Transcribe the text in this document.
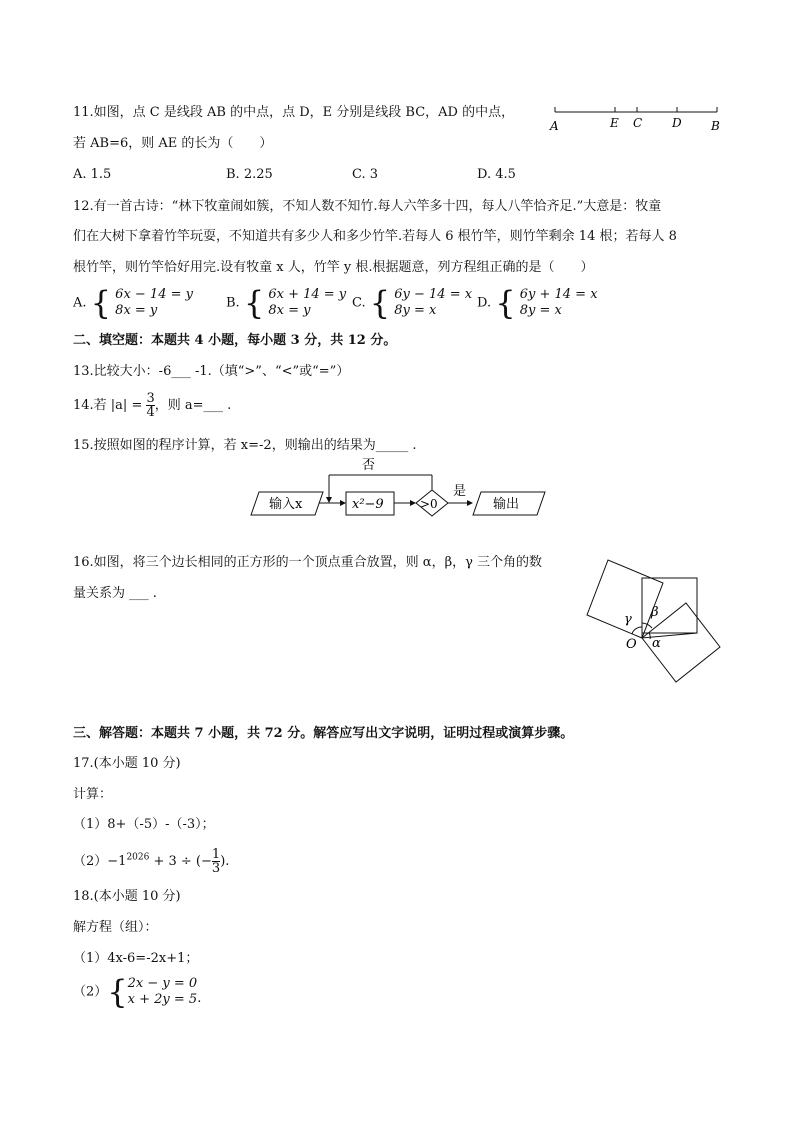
11.如图，点 C 是线段 AB 的中点，点 D，E 分别是线段 BC，AD 的中点，
若 AB=6，则 AE 的长为（　　）
A. 1.5	B. 2.25	C. 3	D. 4.5
A	E C D B
12.有一首古诗：“林下牧童闹如簇，不知人数不知竹.每人六竿多十四，每人八竿恰齐足.”大意是：牧童
们在大树下拿着竹竿玩耍，不知道共有多少人和多少竹竿.若每人 6 根竹竿，则竹竿剩余 14 根；若每人 8
根竹竿，则竹竿恰好用完.设有牧童 x 人，竹竿 y 根.根据题意，列方程组正确的是（　　）
A. { 6x − 14 = y
8x = y	B. { 6x + 14 = y
8x = y	C. { 6y − 14 = x
8y = x	D. { 6y + 14 = x
8y = x
二、填空题：本题共 4 小题，每小题 3 分，共 12 分。
13.比较大小：-6___ -1.（填“>”、“<”或“=”）
14.若 $|a| = \frac{3}{4}$ ，则 a=___ .
15.按照如图的程序计算，若 x=-2，则输出的结果为_____ .
输入x	x²−9	>0
否
是
输出
16.如图，将三个边长相同的正方形的一个顶点重合放置，则 α，β，γ 三个角的数
量关系为 ___ .
γ β
O α
三、解答题：本题共 7 小题，共 72 分。解答应写出文字说明，证明过程或演算步骤。
17.(本小题 10 分)
计算：
（1）8+（-5）-（-3）；
$(2)-1^{2026} + 3$ ÷ (− $\frac{1}{3}$ ).
18.(本小题 10 分)
解方程（组）：
（1）4x-6=-2x+1；
（2）{ 2x − y = 0
x + 2y = 5 .
